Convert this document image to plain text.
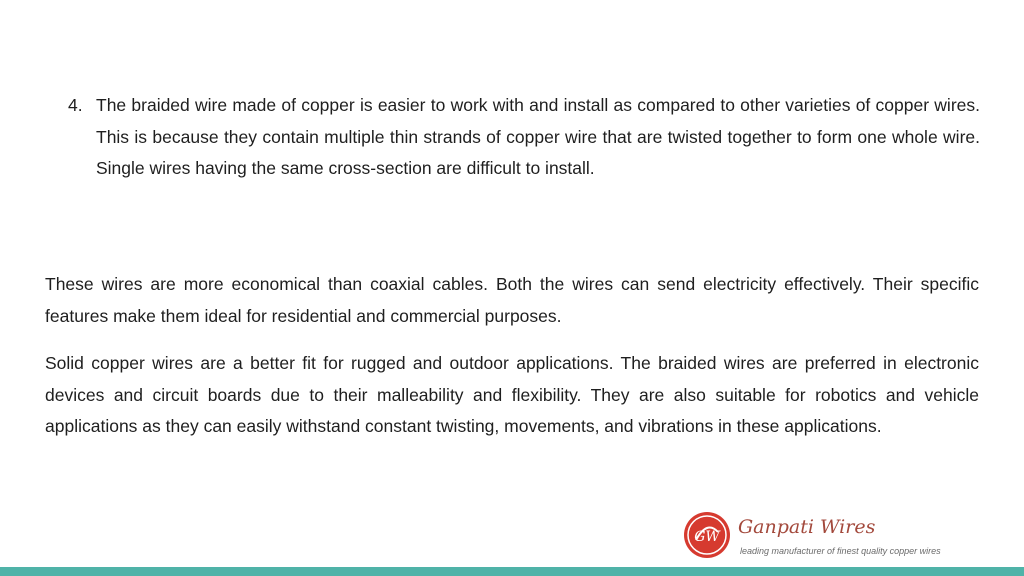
4. The braided wire made of copper is easier to work with and install as compared to other varieties of copper wires. This is because they contain multiple thin strands of copper wire that are twisted together to form one whole wire. Single wires having the same cross-section are difficult to install.

These wires are more economical than coaxial cables. Both the wires can send electricity effectively. Their specific features make them ideal for residential and commercial purposes.

Solid copper wires are a better fit for rugged and outdoor applications. The braided wires are preferred in electronic devices and circuit boards due to their malleability and flexibility. They are also suitable for robotics and vehicle applications as they can easily withstand constant twisting, movements, and vibrations in these applications.

GW Ganpati Wires
leading manufacturer of finest quality copper wires
